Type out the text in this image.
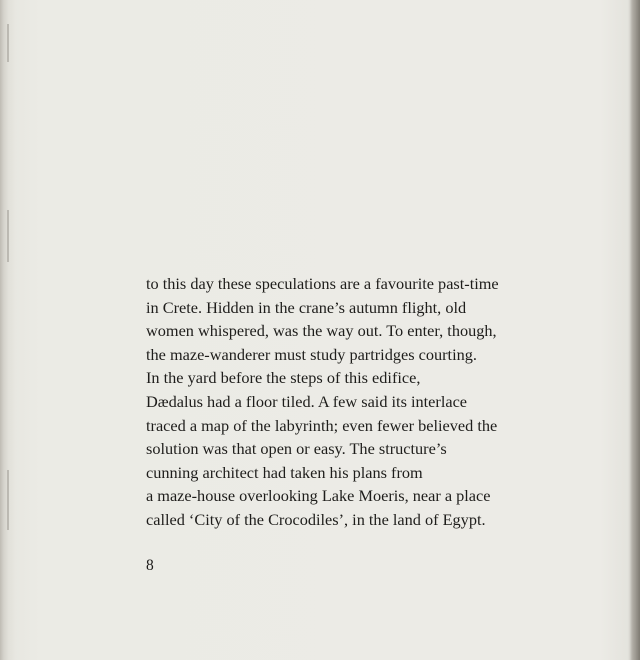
to this day these speculations are a favourite past-time
in Crete. Hidden in the crane’s autumn flight, old
women whispered, was the way out. To enter, though,
the maze-wanderer must study partridges courting.
In the yard before the steps of this edifice,
Dædalus had a floor tiled. A few said its interlace
traced a map of the labyrinth; even fewer believed the
solution was that open or easy. The structure’s
cunning architect had taken his plans from
a maze-house overlooking Lake Moeris, near a place
called ‘City of the Crocodiles’, in the land of Egypt.
8
